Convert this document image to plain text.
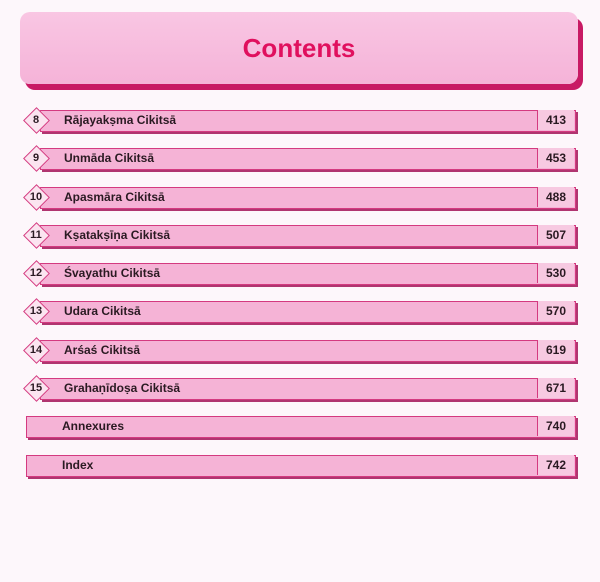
Contents
8	Rājayakṣma Cikitsā	413
9	Unmāda Cikitsā	453
10	Apasmāra Cikitsā	488
11	Kṣatakṣīṇa Cikitsā	507
12	Śvayathu Cikitsā	530
13	Udara Cikitsā	570
14	Arśaś Cikitsā	619
15	Grahaṇīdoṣa Cikitsā	671
Annexures	740
Index	742
